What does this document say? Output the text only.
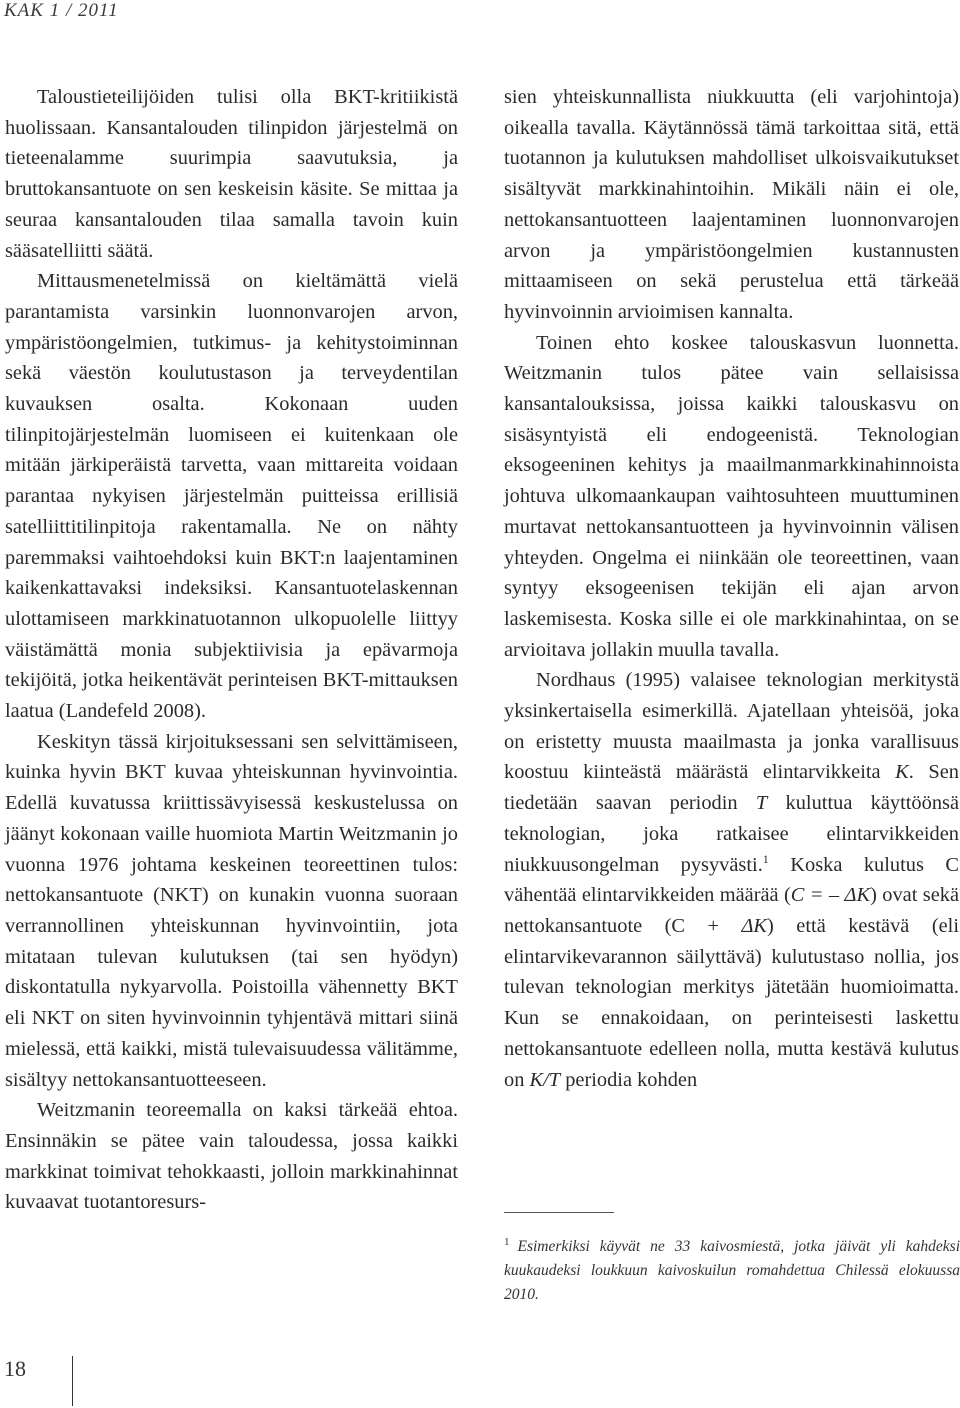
KAK 1 / 2011

Taloustieteilijöiden tulisi olla BKT-kritiikistä huolissaan. Kansantalouden tilinpidon järjestelmä on tieteenalamme suurimpia saavutuksia, ja bruttokansantuote on sen keskeisin käsite. Se mittaa ja seuraa kansantalouden tilaa samalla tavoin kuin sääsatelliitti säätä.

Mittausmenetelmissä on kieltämättä vielä parantamista varsinkin luonnonvarojen arvon, ympäristöongelmien, tutkimus- ja kehitystoiminnan sekä väestön koulutustason ja terveydentilan kuvauksen osalta. Kokonaan uuden tilinpitojärjestelmän luomiseen ei kuitenkaan ole mitään järkiperäistä tarvetta, vaan mittareita voidaan parantaa nykyisen järjestelmän puitteissa erillisiä satelliittitilinpitoja rakentamalla. Ne on nähty paremmaksi vaihtoehdoksi kuin BKT:n laajentaminen kaikenkattavaksi indeksiksi. Kansantuotelaskennan ulottamiseen markkinatuotannon ulkopuolelle liittyy väistämättä monia subjektiivisia ja epävarmoja tekijöitä, jotka heikentävät perinteisen BKT-mittauksen laatua (Landefeld 2008).

Keskityn tässä kirjoituksessani sen selvittämiseen, kuinka hyvin BKT kuvaa yhteiskunnan hyvinvointia. Edellä kuvatussa kriittissävyisessä keskustelussa on jäänyt kokonaan vaille huomiota Martin Weitzmanin jo vuonna 1976 johtama keskeinen teoreettinen tulos: nettokansantuote (NKT) on kunakin vuonna suoraan verrannollinen yhteiskunnan hyvinvointiin, jota mitataan tulevan kulutuksen (tai sen hyödyn) diskontatulla nykyarvolla. Poistoilla vähennetty BKT eli NKT on siten hyvinvoinnin tyhjentävä mittari siinä mielessä, että kaikki, mistä tulevaisuudessa välitämme, sisältyy nettokansantuotteeseen.

Weitzmanin teoreemalla on kaksi tärkeää ehtoa. Ensinnäkin se pätee vain taloudessa, jossa kaikki markkinat toimivat tehokkaasti, jolloin markkinahinnat kuvaavat tuotantoresurs-

sien yhteiskunnallista niukkuutta (eli varjohintoja) oikealla tavalla. Käytännössä tämä tarkoittaa sitä, että tuotannon ja kulutuksen mahdolliset ulkoisvaikutukset sisältyvät markkinahintoihin. Mikäli näin ei ole, nettokansantuotteen laajentaminen luonnonvarojen arvon ja ympäristöongelmien kustannusten mittaamiseen on sekä perustelua että tärkeää hyvinvoinnin arvioimisen kannalta.

Toinen ehto koskee talouskasvun luonnetta. Weitzmanin tulos pätee vain sellaisissa kansantalouksissa, joissa kaikki talouskasvu on sisäsyntyistä eli endogeenistä. Teknologian eksogeeninen kehitys ja maailmanmarkkinahinnoista johtuva ulkomaankaupan vaihtosuhteen muuttuminen murtavat nettokansantuotteen ja hyvinvoinnin välisen yhteyden. Ongelma ei niinkään ole teoreettinen, vaan syntyy eksogeenisen tekijän eli ajan arvon laskemisesta. Koska sille ei ole markkinahintaa, on se arvioitava jollakin muulla tavalla.

Nordhaus (1995) valaisee teknologian merkitystä yksinkertaisella esimerkillä. Ajatellaan yhteisöä, joka on eristetty muusta maailmasta ja jonka varallisuus koostuu kiinteästä määrästä elintarvikkeita K. Sen tiedetään saavan periodin T kuluttua käyttöönsä teknologian, joka ratkaisee elintarvikkeiden niukkuusongelman pysyvästi.$^1$ Koska kulutus C vähentää elintarvikkeiden määrää (C = – ΔK) ovat sekä nettokansantuote (C + ΔK) että kestävä (eli elintarvikevarannon säilyttävä) kulutustaso nollia, jos tulevan teknologian merkitys jätetään huomioimatta. Kun se ennakoidaan, on perinteisesti laskettu nettokansantuote edelleen nolla, mutta kestävä kulutus on K/T periodia kohden

$^1$ Esimerkiksi käyvät ne 33 kaivosmiestä, jotka jäivät yli kahdeksi kuukaudeksi loukkuun kaivoskuilun romahdettua Chilessä elokuussa 2010.
18
